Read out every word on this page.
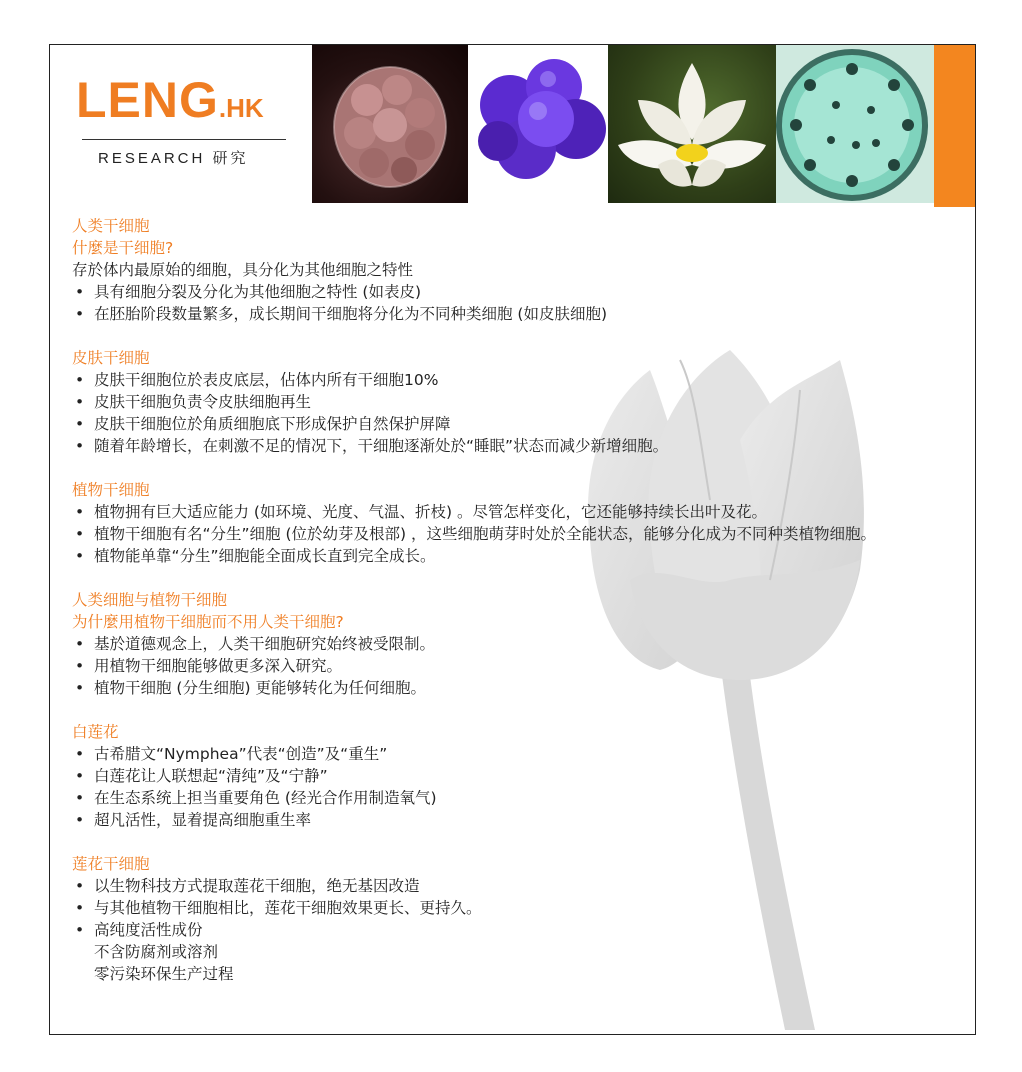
LENG.HK
RESEARCH 研究
人类干细胞
什麼是干细胞?
存於体内最原始的细胞，具分化为其他细胞之特性
• 具有细胞分裂及分化为其他细胞之特性 (如表皮)
• 在胚胎阶段数量繁多，成长期间干细胞将分化为不同种类细胞 (如皮肤细胞)
皮肤干细胞
• 皮肤干细胞位於表皮底层，佔体内所有干细胞10%
• 皮肤干细胞负责令皮肤细胞再生
• 皮肤干细胞位於角质细胞底下形成保护自然保护屏障
• 随着年龄增长，在刺激不足的情况下，干细胞逐渐处於“睡眠”状态而减少新增细胞。
植物干细胞
• 植物拥有巨大适应能力 (如环境、光度、气温、折枝) 。尽管怎样变化，它还能够持续长出叶及花。
• 植物干细胞有名“分生”细胞 (位於幼芽及根部) ，这些细胞萌芽时处於全能状态，能够分化成为不同种类植物细胞。
• 植物能单靠“分生”细胞能全面成长直到完全成长。
人类细胞与植物干细胞
为什麼用植物干细胞而不用人类干细胞?
• 基於道德观念上，人类干细胞研究始终被受限制。
• 用植物干细胞能够做更多深入研究。
• 植物干细胞 (分生细胞) 更能够转化为任何细胞。
白莲花
• 古希腊文“Nymphea”代表“创造”及“重生”
• 白莲花让人联想起“清纯”及“宁静”
• 在生态系统上担当重要角色 (经光合作用制造氧气)
• 超凡活性，显着提高细胞重生率
莲花干细胞
• 以生物科技方式提取莲花干细胞，绝无基因改造
• 与其他植物干细胞相比，莲花干细胞效果更长、更持久。
• 高纯度活性成份
不含防腐剂或溶剂
零污染环保生产过程
